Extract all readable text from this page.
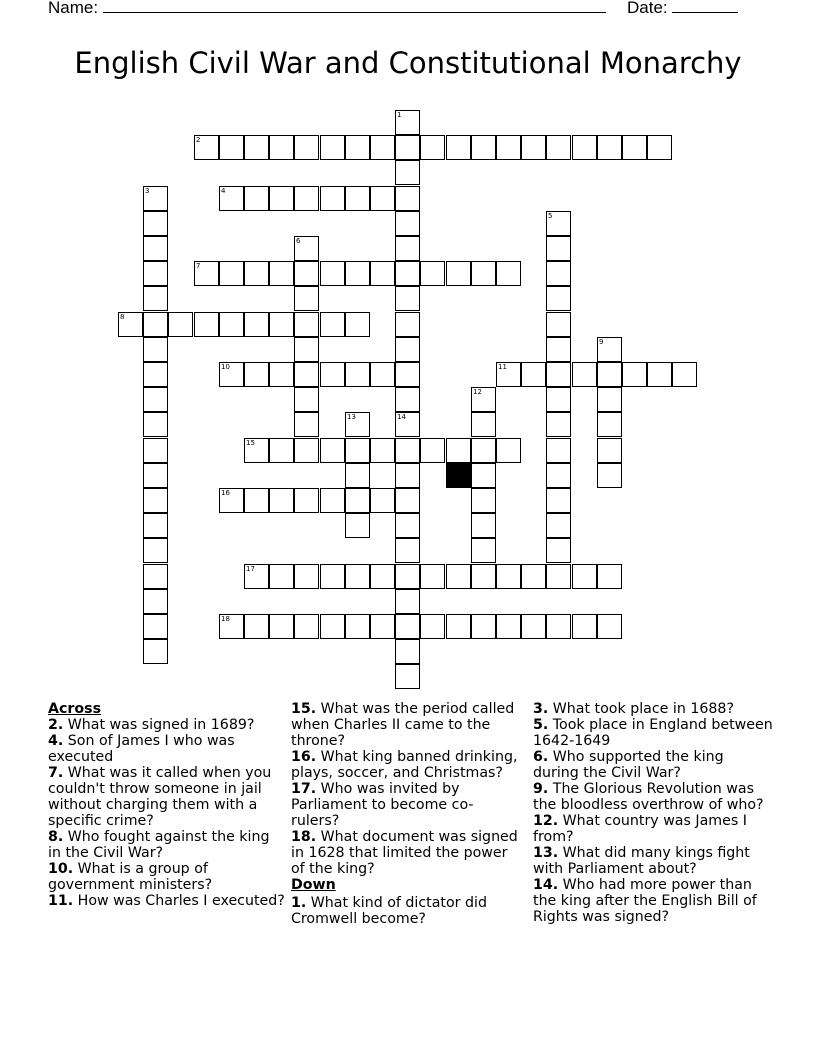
Name:	Date:
English Civil War and Constitutional Monarchy
1
14
2
3	4
5
6
7
8
9
10	11
12
13
15
16
17
18
Across
2. What was signed in 1689?
4. Son of James I who was executed
7. What was it called when you couldn't throw someone in jail without charging them with a specific crime?
8. Who fought against the king in the Civil War?
10. What is a group of government ministers?
11. How was Charles I executed?
15. What was the period called when Charles II came to the throne?
16. What king banned drinking, plays, soccer, and Christmas?
17. Who was invited by Parliament to become co-rulers?
18. What document was signed in 1628 that limited the power of the king?
Down
1. What kind of dictator did Cromwell become?
3. What took place in 1688?
5. Took place in England between 1642-1649
6. Who supported the king during the Civil War?
9. The Glorious Revolution was the bloodless overthrow of who?
12. What country was James I from?
13. What did many kings fight with Parliament about?
14. Who had more power than the king after the English Bill of Rights was signed?
